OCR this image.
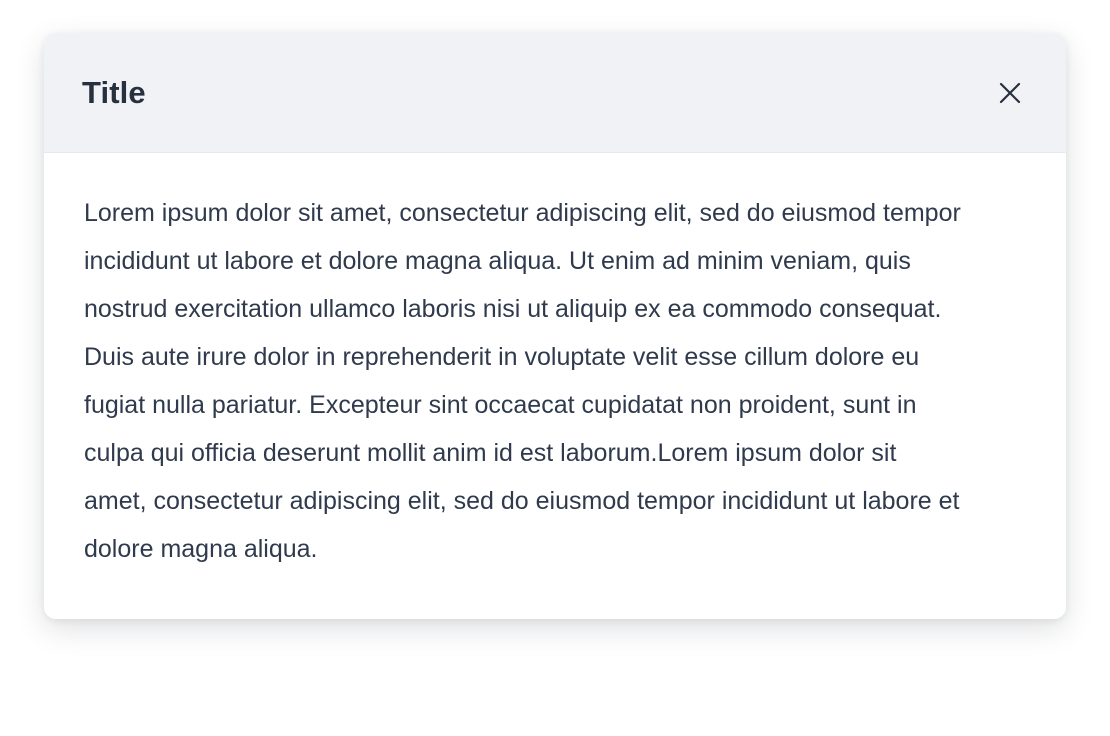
Title

Lorem ipsum dolor sit amet, consectetur adipiscing elit, sed do eiusmod tempor incididunt ut labore et dolore magna aliqua. Ut enim ad minim veniam, quis nostrud exercitation ullamco laboris nisi ut aliquip ex ea commodo consequat. Duis aute irure dolor in reprehenderit in voluptate velit esse cillum dolore eu fugiat nulla pariatur. Excepteur sint occaecat cupidatat non proident, sunt in culpa qui officia deserunt mollit anim id est laborum.Lorem ipsum dolor sit amet, consectetur adipiscing elit, sed do eiusmod tempor incididunt ut labore et dolore magna aliqua.
